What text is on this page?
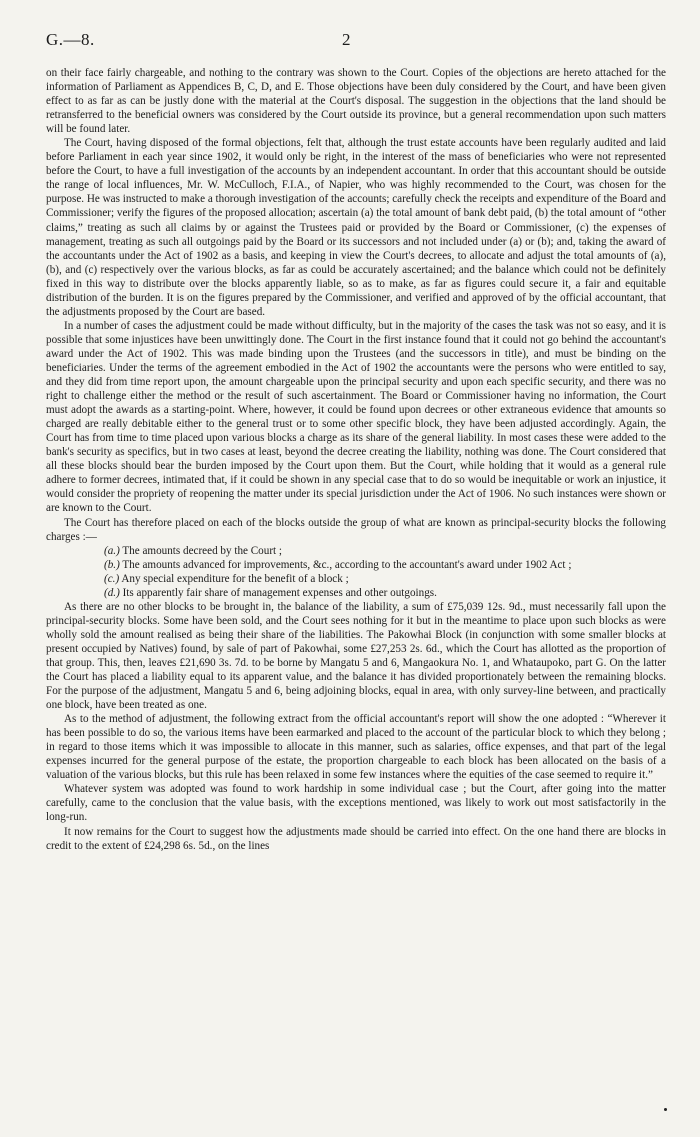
G.—8.	2

on their face fairly chargeable, and nothing to the contrary was shown to the Court. Copies of the objections are hereto attached for the information of Parliament as Appendices B, C, D, and E. Those objections have been duly considered by the Court, and have been given effect to as far as can be justly done with the material at the Court's disposal. The suggestion in the objections that the land should be retransferred to the beneficial owners was considered by the Court outside its province, but a general recommendation upon such matters will be found later.

The Court, having disposed of the formal objections, felt that, although the trust estate accounts have been regularly audited and laid before Parliament in each year since 1902, it would only be right, in the interest of the mass of beneficiaries who were not represented before the Court, to have a full investigation of the accounts by an independent accountant. In order that this accountant should be outside the range of local influences, Mr. W. McCulloch, F.I.A., of Napier, who was highly recommended to the Court, was chosen for the purpose. He was instructed to make a thorough investigation of the accounts; carefully check the receipts and expenditure of the Board and Commissioner; verify the figures of the proposed allocation; ascertain (a) the total amount of bank debt paid, (b) the total amount of “other claims,” treating as such all claims by or against the Trustees paid or provided by the Board or Commissioner, (c) the expenses of management, treating as such all outgoings paid by the Board or its successors and not included under (a) or (b); and, taking the award of the accountants under the Act of 1902 as a basis, and keeping in view the Court's decrees, to allocate and adjust the total amounts of (a), (b), and (c) respectively over the various blocks, as far as could be accurately ascertained; and the balance which could not be definitely fixed in this way to distribute over the blocks apparently liable, so as to make, as far as figures could secure it, a fair and equitable distribution of the burden. It is on the figures prepared by the Commissioner, and verified and approved of by the official accountant, that the adjustments proposed by the Court are based.

In a number of cases the adjustment could be made without difficulty, but in the majority of the cases the task was not so easy, and it is possible that some injustices have been unwittingly done. The Court in the first instance found that it could not go behind the accountant's award under the Act of 1902. This was made binding upon the Trustees (and the successors in title), and must be binding on the beneficiaries. Under the terms of the agreement embodied in the Act of 1902 the accountants were the persons who were entitled to say, and they did from time report upon, the amount chargeable upon the principal security and upon each specific security, and there was no right to challenge either the method or the result of such ascertainment. The Board or Commissioner having no information, the Court must adopt the awards as a starting-point. Where, however, it could be found upon decrees or other extraneous evidence that amounts so charged are really debitable either to the general trust or to some other specific block, they have been adjusted accordingly. Again, the Court has from time to time placed upon various blocks a charge as its share of the general liability. In most cases these were added to the bank's security as specifics, but in two cases at least, beyond the decree creating the liability, nothing was done. The Court considered that all these blocks should bear the burden imposed by the Court upon them. But the Court, while holding that it would as a general rule adhere to former decrees, intimated that, if it could be shown in any special case that to do so would be inequitable or work an injustice, it would consider the propriety of reopening the matter under its special jurisdiction under the Act of 1906. No such instances were shown or are known to the Court.

The Court has therefore placed on each of the blocks outside the group of what are known as principal-security blocks the following charges :—

(a.) The amounts decreed by the Court ;
(b.) The amounts advanced for improvements, &c., according to the accountant's award under 1902 Act ;
(c.) Any special expenditure for the benefit of a block ;
(d.) Its apparently fair share of management expenses and other outgoings.

As there are no other blocks to be brought in, the balance of the liability, a sum of £75,039 12s. 9d., must necessarily fall upon the principal-security blocks. Some have been sold, and the Court sees nothing for it but in the meantime to place upon such blocks as were wholly sold the amount realised as being their share of the liabilities. The Pakowhai Block (in conjunction with some smaller blocks at present occupied by Natives) found, by sale of part of Pakowhai, some £27,253 2s. 6d., which the Court has allotted as the proportion of that group. This, then, leaves £21,690 3s. 7d. to be borne by Mangatu 5 and 6, Mangaokura No. 1, and Whataupoko, part G. On the latter the Court has placed a liability equal to its apparent value, and the balance it has divided proportionately between the remaining blocks. For the purpose of the adjustment, Mangatu 5 and 6, being adjoining blocks, equal in area, with only survey-line between, and practically one block, have been treated as one.

As to the method of adjustment, the following extract from the official accountant's report will show the one adopted : “Wherever it has been possible to do so, the various items have been earmarked and placed to the account of the particular block to which they belong ; in regard to those items which it was impossible to allocate in this manner, such as salaries, office expenses, and that part of the legal expenses incurred for the general purpose of the estate, the proportion chargeable to each block has been allocated on the basis of a valuation of the various blocks, but this rule has been relaxed in some few instances where the equities of the case seemed to require it.”

Whatever system was adopted was found to work hardship in some individual case ; but the Court, after going into the matter carefully, came to the conclusion that the value basis, with the exceptions mentioned, was likely to work out most satisfactorily in the long-run.

It now remains for the Court to suggest how the adjustments made should be carried into effect. On the one hand there are blocks in credit to the extent of £24,298 6s. 5d., on the lines
